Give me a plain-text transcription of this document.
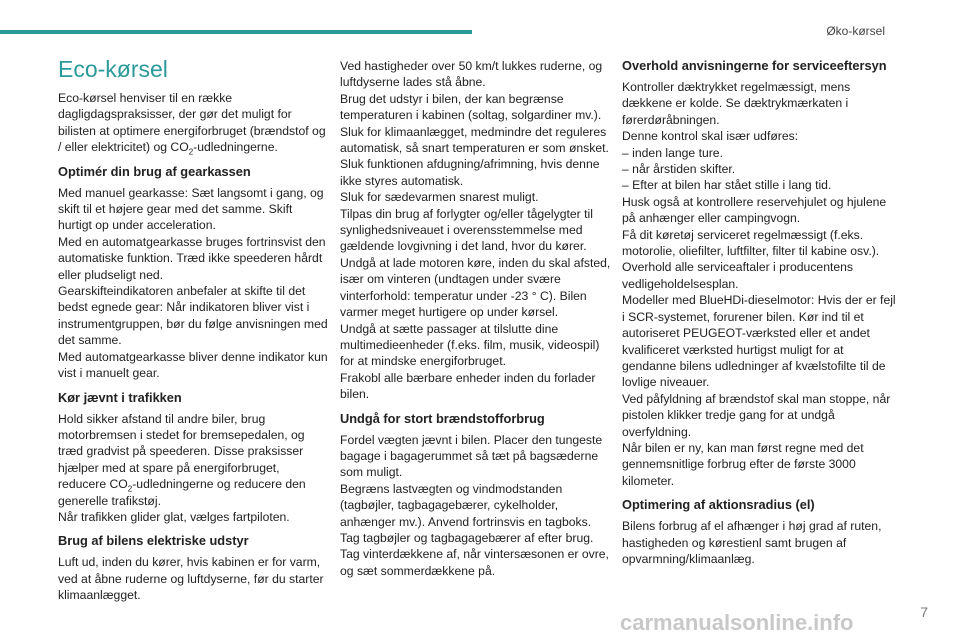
Øko-kørsel
Eco-kørsel

Eco-kørsel henviser til en række dagligdagspraksisser, der gør det muligt for bilisten at optimere energiforbruget (brændstof og / eller elektricitet) og $CO_2$-udledningerne.

Optimér din brug af gearkassen

Med manuel gearkasse: Sæt langsomt i gang, og skift til et højere gear med det samme. Skift hurtigt op under acceleration.
Med en automatgearkasse bruges fortrinsvist den automatiske funktion. Træd ikke speederen hårdt eller pludseligt ned.
Gearskifteindikatoren anbefaler at skifte til det bedst egnede gear: Når indikatoren bliver vist i instrumentgruppen, bør du følge anvisningen med det samme.
Med automatgearkasse bliver denne indikator kun vist i manuelt gear.

Kør jævnt i trafikken

Hold sikker afstand til andre biler, brug motorbremsen i stedet for bremsepedalen, og træd gradvist på speederen. Disse praksisser hjælper med at spare på energiforbruget, reducere $CO_2$-udledningerne og reducere den generelle trafikstøj.
Når trafikken glider glat, vælges fartpiloten.

Brug af bilens elektriske udstyr

Luft ud, inden du kører, hvis kabinen er for varm, ved at åbne ruderne og luftdyserne, før du starter klimaanlægget.

Ved hastigheder over 50 km/t lukkes ruderne, og luftdyserne lades stå åbne.
Brug det udstyr i bilen, der kan begrænse temperaturen i kabinen (soltag, solgardiner mv.).
Sluk for klimaanlægget, medmindre det reguleres automatisk, så snart temperaturen er som ønsket.
Sluk funktionen afdugning/afrimning, hvis denne ikke styres automatisk.
Sluk for sædevarmen snarest muligt.
Tilpas din brug af forlygter og/eller tågelygter til synlighedsniveauet i overensstemmelse med gældende lovgivning i det land, hvor du kører.
Undgå at lade motoren køre, inden du skal afsted, især om vinteren (undtagen under svære vinterforhold: temperatur under -23 ° C). Bilen varmer meget hurtigere op under kørsel.
Undgå at sætte passager at tilslutte dine multimedieenheder (f.eks. film, musik, videospil) for at mindske energiforbruget.
Frakobl alle bærbare enheder inden du forlader bilen.

Undgå for stort brændstofforbrug

Fordel vægten jævnt i bilen. Placer den tungeste bagage i bagagerummet så tæt på bagsæderne som muligt.
Begræns lastvægten og vindmodstanden (tagbøjler, tagbagagebærer, cykelholder, anhænger mv.). Anvend fortrinsvis en tagboks.
Tag tagbøjler og tagbagagebærer af efter brug.
Tag vinterdækkene af, når vintersæsonen er ovre, og sæt sommerdækkene på.

Overhold anvisningerne for serviceeftersyn

Kontroller dæktrykket regelmæssigt, mens dækkene er kolde. Se dæktrykmærkaten i førerdøråbningen.
Denne kontrol skal især udføres:
– inden lange ture.
– når årstiden skifter.
– Efter at bilen har stået stille i lang tid.
Husk også at kontrollere reservehjulet og hjulene på anhænger eller campingvogn.
Få dit køretøj serviceret regelmæssigt (f.eks. motorolie, oliefilter, luftfilter, filter til kabine osv.). Overhold alle serviceaftaler i producentens vedligeholdelsesplan.
Modeller med BlueHDi-dieselmotor: Hvis der er fejl i SCR-systemet, forurener bilen. Kør ind til et autoriseret PEUGEOT-værksted eller et andet kvalificeret værksted hurtigst muligt for at gendanne bilens udledninger af kvælstofilte til de lovlige niveauer.
Ved påfyldning af brændstof skal man stoppe, når pistolen klikker tredje gang for at undgå overfyldning.
Når bilen er ny, kan man først regne med det gennemsnitlige forbrug efter de første 3000 kilometer.

Optimering af aktionsradius (el)

Bilens forbrug af el afhænger i høj grad af ruten, hastigheden og kørestienl samt brugen af opvarmning/klimaanlæg.

carmanualsonline.info	7
